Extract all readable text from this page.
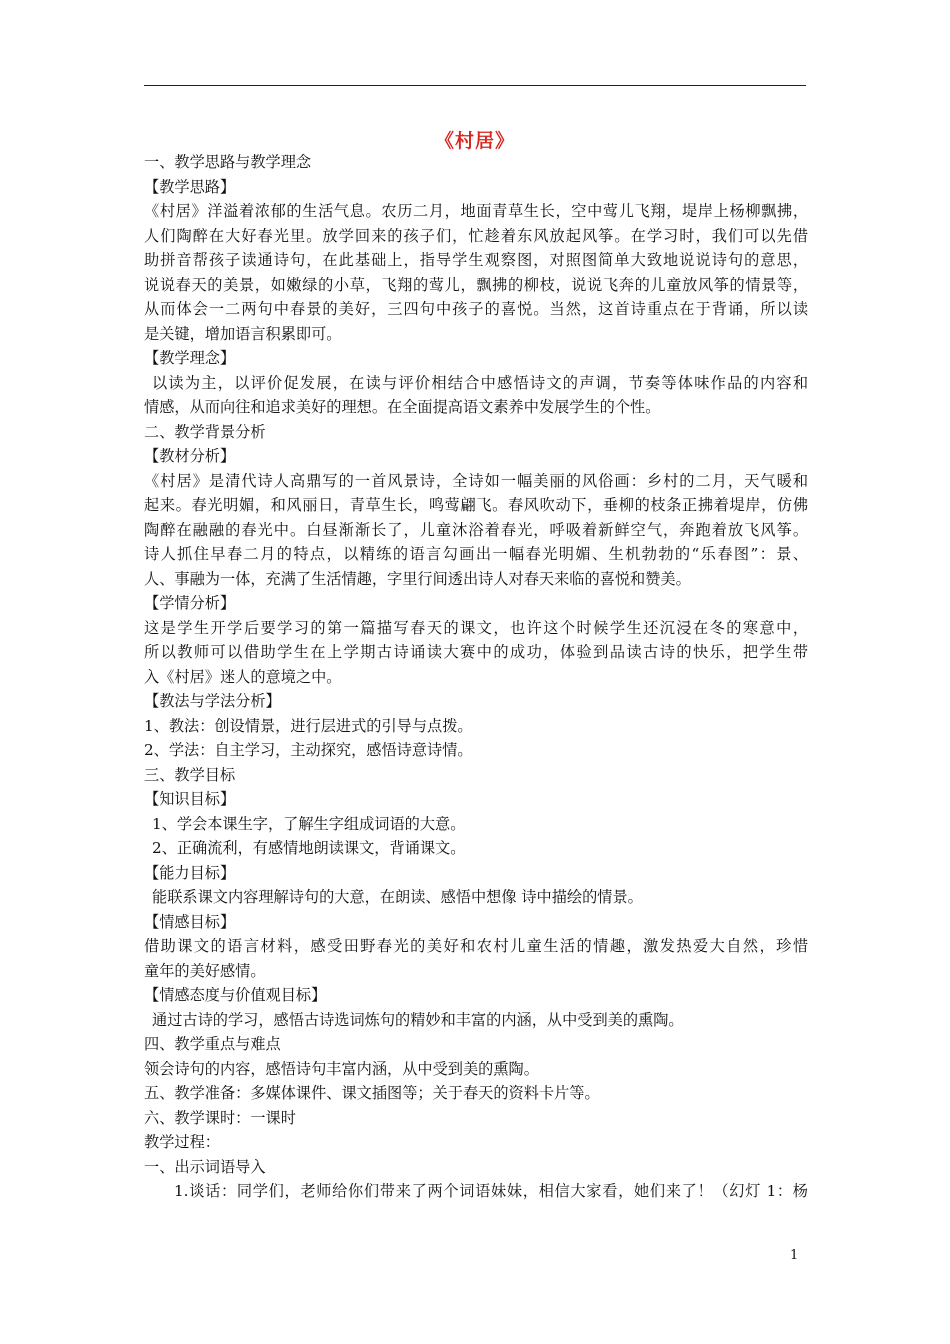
《村居》
一、教学思路与教学理念
【教学思路】
《村居》洋溢着浓郁的生活气息。农历二月，地面青草生长，空中莺儿飞翔，堤岸上杨柳飘拂，
人们陶醉在大好春光里。放学回来的孩子们，忙趁着东风放起风筝。在学习时，我们可以先借
助拼音帮孩子读通诗句，在此基础上，指导学生观察图，对照图简单大致地说说诗句的意思，
说说春天的美景，如嫩绿的小草，飞翔的莺儿，飘拂的柳枝，说说飞奔的儿童放风筝的情景等，
从而体会一二两句中春景的美好，三四句中孩子的喜悦。当然，这首诗重点在于背诵，所以读
是关键，增加语言积累即可。
【教学理念】
以读为主，以评价促发展，在读与评价相结合中感悟诗文的声调，节奏等体味作品的内容和
情感，从而向往和追求美好的理想。在全面提高语文素养中发展学生的个性。
二、教学背景分析
【教材分析】
《村居》是清代诗人高鼎写的一首风景诗，全诗如一幅美丽的风俗画：乡村的二月，天气暖和
起来。春光明媚，和风丽日，青草生长，鸣莺翩飞。春风吹动下，垂柳的枝条正拂着堤岸，仿佛
陶醉在融融的春光中。白昼渐渐长了，儿童沐浴着春光，呼吸着新鲜空气，奔跑着放飞风筝。
诗人抓住早春二月的特点，以精练的语言勾画出一幅春光明媚、生机勃勃的“乐春图”：景、
人、事融为一体，充满了生活情趣，字里行间透出诗人对春天来临的喜悦和赞美。
【学情分析】
这是学生开学后要学习的第一篇描写春天的课文，也许这个时候学生还沉浸在冬的寒意中，
所以教师可以借助学生在上学期古诗诵读大赛中的成功，体验到品读古诗的快乐，把学生带
入《村居》迷人的意境之中。
【教法与学法分析】
1、教法：创设情景，进行层进式的引导与点拨。
2、学法：自主学习，主动探究，感悟诗意诗情。
三、教学目标
【知识目标】
1、学会本课生字，了解生字组成词语的大意。
2、正确流利，有感情地朗读课文，背诵课文。
【能力目标】
能联系课文内容理解诗句的大意，在朗读、感悟中想像 诗中描绘的情景。
【情感目标】
借助课文的语言材料，感受田野春光的美好和农村儿童生活的情趣，激发热爱大自然，珍惜
童年的美好感情。
【情感态度与价值观目标】
通过古诗的学习，感悟古诗选词炼句的精妙和丰富的内涵，从中受到美的熏陶。
四、教学重点与难点
领会诗句的内容，感悟诗句丰富内涵，从中受到美的熏陶。
五、教学准备：多媒体课件、课文插图等；关于春天的资料卡片等。
六、教学课时：一课时
教学过程：
一、出示词语导入
1.谈话：同学们，老师给你们带来了两个词语妹妹，相信大家看，她们来了！（幻灯 1：杨
1
